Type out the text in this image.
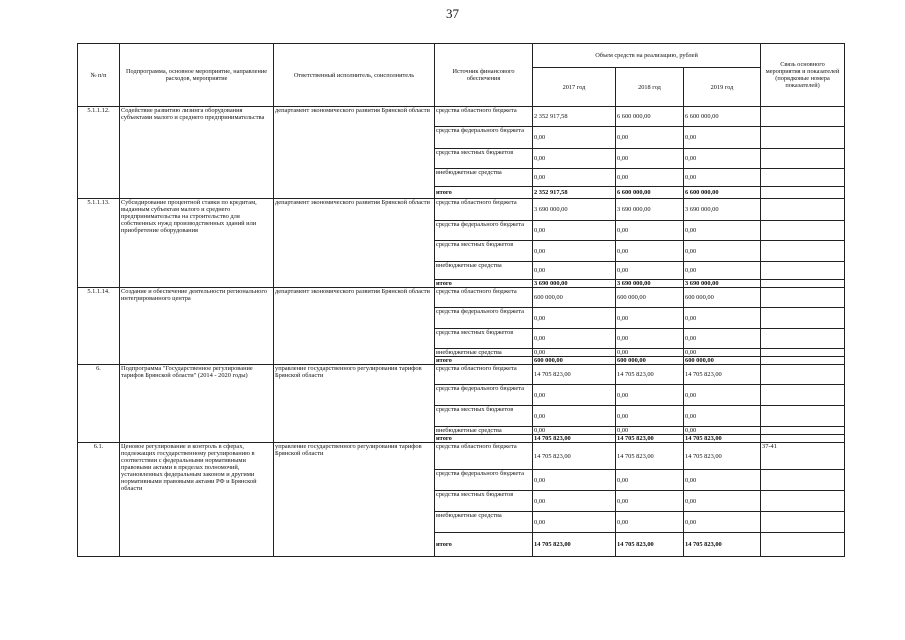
37
№ п/п	Подпрограмма, основное мероприятие, направление расходов, мероприятие	Ответственный исполнитель, соисполнитель	Источник финансового обеспечения	Объем средств на реализацию, рублей			Связь основного мероприятия и показателей (порядковые номера показателей)
				2017 год	2018 год	2019 год	
5.1.1.12.	Содействие развитию лизинга оборудования субъектами малого и среднего предпринимательства	департамент экономического развития Брянской области	средства областного бюджета	2 352 917,58	6 600 000,00	6 600 000,00	
			средства федерального бюджета	0,00	0,00	0,00	
			средства местных бюджетов	0,00	0,00	0,00	
			внебюджетные средства	0,00	0,00	0,00	
			итого	2 352 917,58	6 600 000,00	6 600 000,00	
5.1.1.13.	Субсидирование процентной ставки по кредитам, выданным субъектам малого и среднего предпринимательства на строительство для собственных нужд производственных зданий или приобретение оборудования	департамент экономического развития Брянской области	средства областного бюджета	3 690 000,00	3 690 000,00	3 690 000,00	
			средства федерального бюджета	0,00	0,00	0,00	
			средства местных бюджетов	0,00	0,00	0,00	
			внебюджетные средства	0,00	0,00	0,00	
			итого	3 690 000,00	3 690 000,00	3 690 000,00	
5.1.1.14.	Создание и обеспечение деятельности регионального интегрированного центра	департамент экономического развития Брянской области	средства областного бюджета	600 000,00	600 000,00	600 000,00	
			средства федерального бюджета	0,00	0,00	0,00	
			средства местных бюджетов	0,00	0,00	0,00	
			внебюджетные средства	0,00	0,00	0,00	
			итого	600 000,00	600 000,00	600 000,00	
6.	Подпрограмма "Государственное регулирование тарифов Брянской области" (2014 - 2020 годы)	управление государственного регулирования тарифов Брянской области	средства областного бюджета	14 705 823,00	14 705 823,00	14 705 823,00	
			средства федерального бюджета	0,00	0,00	0,00	
			средства местных бюджетов	0,00	0,00	0,00	
			внебюджетные средства	0,00	0,00	0,00	
			итого	14 705 823,00	14 705 823,00	14 705 823,00	
6.1.	Ценовое регулирование и контроль в сферах, подлежащих государственному регулированию в соответствии с федеральными нормативными правовыми актами в пределах полномочий, установленных федеральным законом и другими нормативными правовыми актами РФ и Брянской области	управление государственного регулирования тарифов Брянской области	средства областного бюджета	14 705 823,00	14 705 823,00	14 705 823,00	37-41
			средства федерального бюджета	0,00	0,00	0,00	
			средства местных бюджетов	0,00	0,00	0,00	
			внебюджетные средства	0,00	0,00	0,00	
			итого	14 705 823,00	14 705 823,00	14 705 823,00	
